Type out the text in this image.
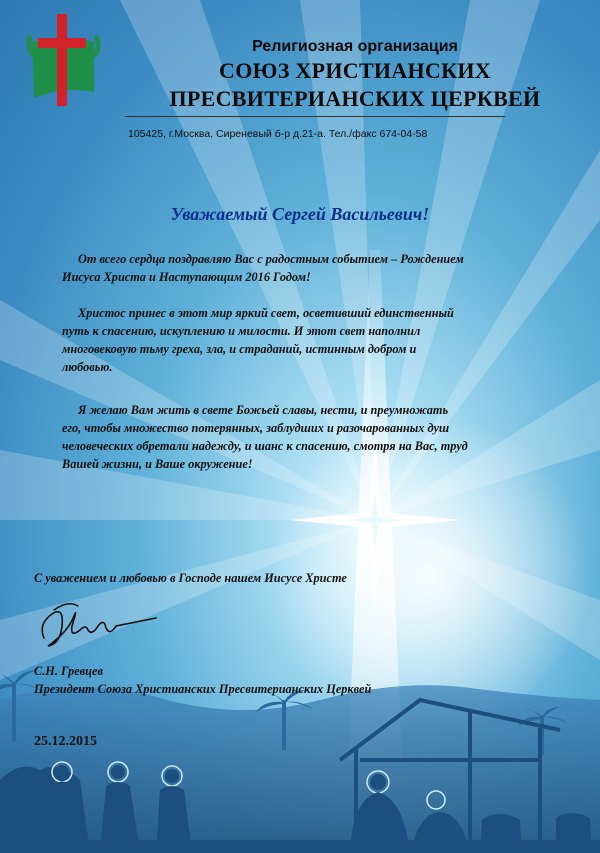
Религиозная организация
СОЮЗ ХРИСТИАНСКИХ
ПРЕСВИТЕРИАНСКИХ ЦЕРКВЕЙ
105425, г.Москва, Сиреневый б-р д.21-а. Тел./факс 674-04-58
Уважаемый Сергей Васильевич!

От всего сердца поздравляю Вас с радостным событием – Рождением
Иисуса Христа и Наступающим 2016 Годом!

Христос принес в этот мир яркий свет, осветивший единственный
путь к спасению, искуплению и милости. И этот свет наполнил
многовековую тьму греха, зла, и страданий, истинным добром и
любовью.

Я желаю Вам жить в свете Божьей славы, нести, и преумножать
его, чтобы множество потерянных, заблудших и разочарованных душ
человеческих обретали надежду, и шанс к спасению, смотря на Вас, труд
Вашей жизни, и Ваше окружение!

С уважением и любовью в Господе нашем Иисусе Христе
С.Н. Гревцев
Президент Союза Христианских Пресвитерианских Церквей
25.12.2015
